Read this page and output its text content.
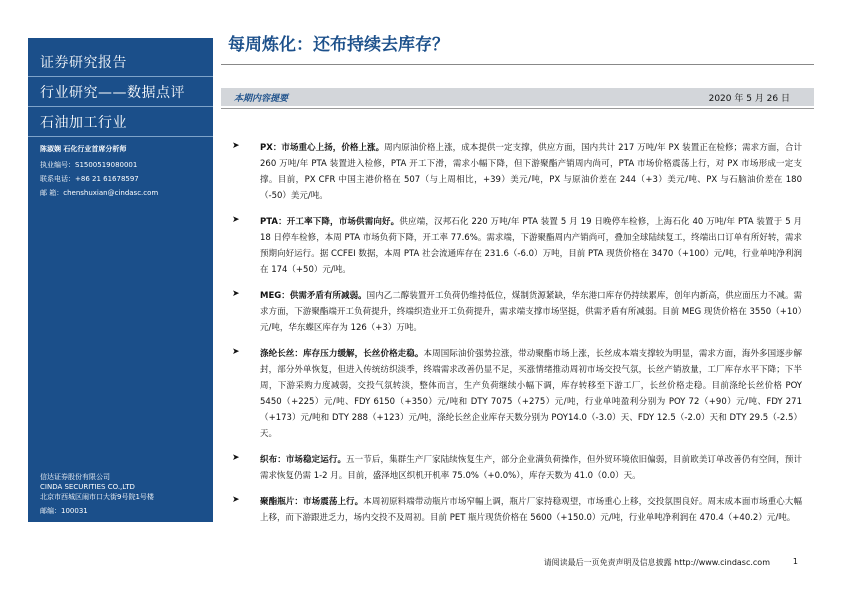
证券研究报告
行业研究——数据点评
石油加工行业
陈淑娴 石化行业首席分析师
执业编号：S1500519080001
联系电话：+86 21 61678597
邮 箱：chenshuxian@cindasc.com
信达证券股份有限公司
CINDA SECURITIES CO.,LTD
北京市西城区闹市口大街9号院1号楼
邮编：100031
每周炼化：还布持续去库存？
本期内容提要	2020 年 5 月 26 日
➤ PX：市场重心上扬，价格上涨。周内原油价格上涨，成本提供一定支撑，供应方面，国内共计 217 万吨/年 PX 装置正在检修；需求方面，合计 260 万吨/年 PTA 装置进入检修，PTA 开工下滑，需求小幅下降，但下游聚酯产销周内尚可，PTA 市场价格震荡上行，对 PX 市场形成一定支撑。目前，PX CFR 中国主港价格在 507（与上周相比，+39）美元/吨，PX 与原油价差在 244（+3）美元/吨、PX 与石脑油价差在 180（-50）美元/吨。
➤ PTA：开工率下降，市场供需向好。供应端，汉邦石化 220 万吨/年 PTA 装置 5 月 19 日晚停车检修，上海石化 40 万吨/年 PTA 装置于 5 月 18 日停车检修，本周 PTA 市场负荷下降，开工率 77.6%。需求端，下游聚酯周内产销尚可，叠加全球陆续复工，终端出口订单有所好转，需求预期向好运行。据 CCFEI 数据，本周 PTA 社会流通库存在 231.6（-6.0）万吨，目前 PTA 现货价格在 3470（+100）元/吨，行业单吨净利润在 174（+50）元/吨。
➤ MEG：供需矛盾有所减弱。国内乙二醇装置开工负荷仍维持低位，煤制货源紧缺，华东港口库存仍持续累库，创年内新高，供应面压力不减。需求方面，下游聚酯端开工负荷提升，终端织造业开工负荷提升，需求端支撑市场坚挺，供需矛盾有所减弱。目前 MEG 现货价格在 3550（+10）元/吨，华东蝶区库存为 126（+3）万吨。
➤ 涤纶长丝：库存压力缓解，长丝价格走稳。本周国际油价强势拉涨，带动聚酯市场上涨，长丝成本端支撑较为明显，需求方面，海外多国逐步解封，部分外单恢复，但进入传统纺织淡季，终端需求改善仍显不足，买涨情绪推动周初市场交投气氛，长丝产销放量，工厂库存水平下降；下半周，下游采购力度减弱，交投气氛转淡，整体而言，生产负荷继续小幅下调，库存转移至下游工厂，长丝价格走稳。目前涤纶长丝价格 POY 5450（+225）元/吨、FDY 6150（+350）元/吨和 DTY 7075（+275）元/吨，行业单吨盈利分别为 POY 72（+90）元/吨、FDY 271（+173）元/吨和 DTY 288（+123）元/吨，涤纶长丝企业库存天数分别为 POY14.0（-3.0）天、FDY 12.5（-2.0）天和 DTY 29.5（-2.5）天。
➤ 织布：市场稳定运行。五一节后，集群生产厂家陆续恢复生产，部分企业满负荷操作，但外贸环境依旧偏弱，目前欧美订单改善仍有空间，预计需求恢复仍需 1-2 月。目前，盛泽地区织机开机率 75.0%（+0.0%），库存天数为 41.0（0.0）天。
➤ 聚酯瓶片：市场震荡上行。本周初原料端带动瓶片市场窄幅上调，瓶片厂家持稳观望，市场重心上移，交投氛围良好。周末成本面市场重心大幅上移，而下游跟进乏力，场内交投不及周初。目前 PET 瓶片现货价格在 5600（+150.0）元/吨，行业单吨净利润在 470.4（+40.2）元/吨。
请阅读最后一页免责声明及信息披露 http://www.cindasc.com	1
